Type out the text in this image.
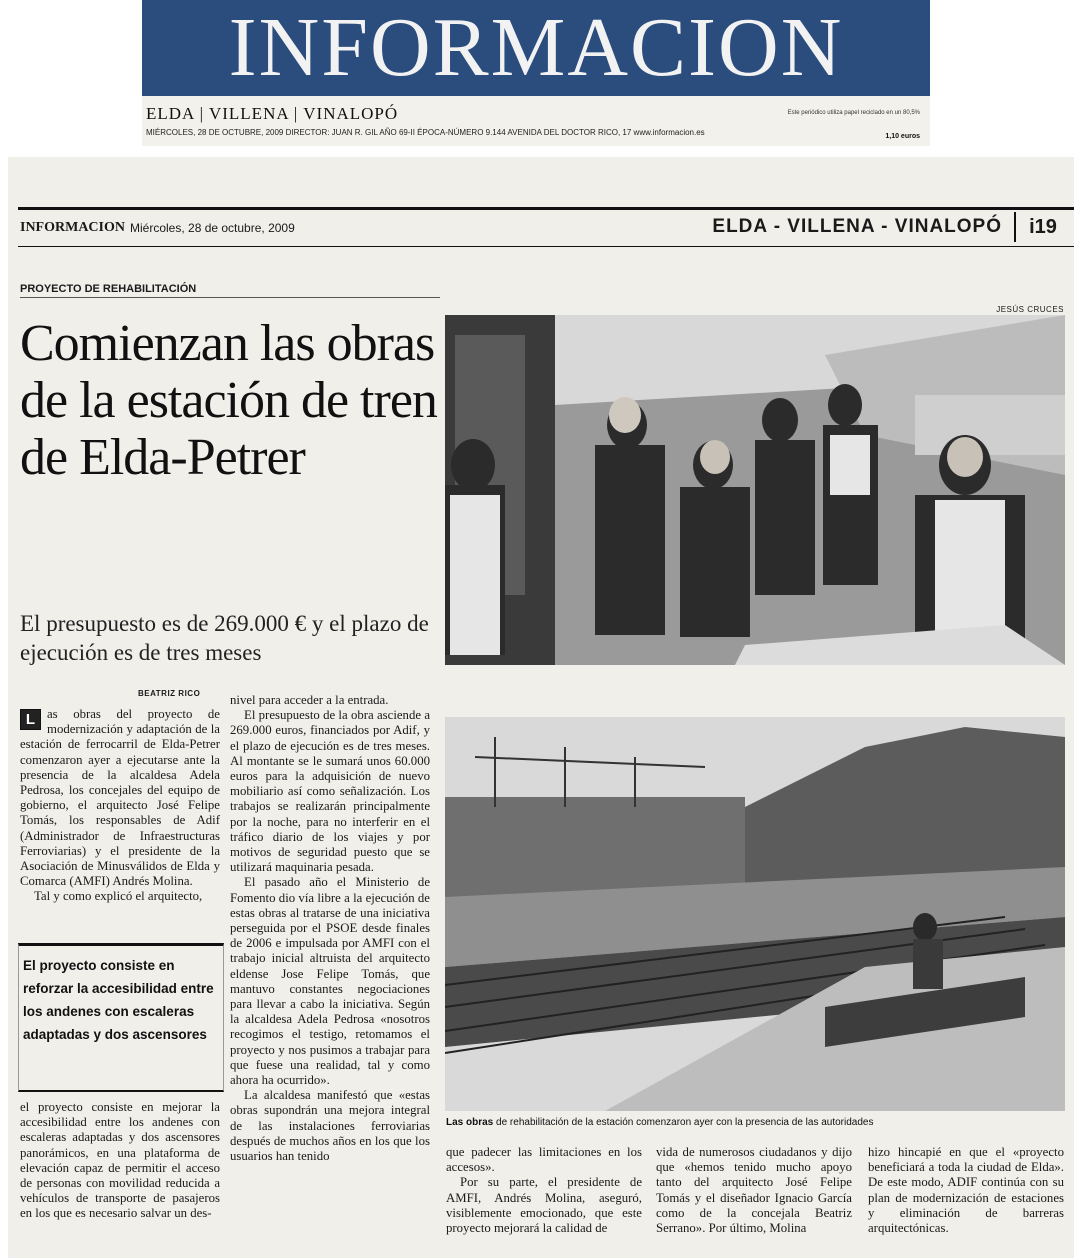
INFORMACION
ELDA | VILLENA | VINALOPÓ
MIÉRCOLES, 28 DE OCTUBRE, 2009 DIRECTOR: JUAN R. GIL AÑO 69-II ÉPOCA-NÚMERO 9.144 AVENIDA DEL DOCTOR RICO, 17 www.informacion.es
Este periódico utiliza papel reciclado en un 80,5%
1,10 euros
INFORMACION Miércoles, 28 de octubre, 2009	ELDA - VILLENA - VINALOPÓ	i19
PROYECTO DE REHABILITACIÓN
JESÚS CRUCES
Comienzan las obras de la estación de tren de Elda-Petrer
El presupuesto es de 269.000 € y el plazo de ejecución es de tres meses
Las obras de rehabilitación de la estación comenzaron ayer con la presencia de las autoridades
BEATRIZ RICO
L as obras del proyecto de modernización y adaptación de la estación de ferrocarril de Elda-Petrer comenzaron ayer a ejecutarse ante la presencia de la alcaldesa Adela Pedrosa, los concejales del equipo de gobierno, el arquitecto José Felipe Tomás, los responsables de Adif (Administrador de Infraestructuras Ferroviarias) y el presidente de la Asociación de Minusválidos de Elda y Comarca (AMFI) Andrés Molina.

Tal y como explicó el arquitecto,

El proyecto consiste en reforzar la accesibilidad entre los andenes con escaleras adaptadas y dos ascensores

el proyecto consiste en mejorar la accesibilidad entre los andenes con escaleras adaptadas y dos ascensores panorámicos, en una plataforma de elevación capaz de permitir el acceso de personas con movilidad reducida a vehículos de transporte de pasajeros en los que es necesario salvar un des-

nivel para acceder a la entrada.

El presupuesto de la obra asciende a 269.000 euros, financiados por Adif, y el plazo de ejecución es de tres meses. Al montante se le sumará unos 60.000 euros para la adquisición de nuevo mobiliario así como señalización. Los trabajos se realizarán principalmente por la noche, para no interferir en el tráfico diario de los viajes y por motivos de seguridad puesto que se utilizará maquinaria pesada.

El pasado año el Ministerio de Fomento dio vía libre a la ejecución de estas obras al tratarse de una iniciativa perseguida por el PSOE desde finales de 2006 e impulsada por AMFI con el trabajo inicial altruista del arquitecto eldense Jose Felipe Tomás, que mantuvo constantes negociaciones para llevar a cabo la iniciativa. Según la alcaldesa Adela Pedrosa «nosotros recogimos el testigo, retomamos el proyecto y nos pusimos a trabajar para que fuese una realidad, tal y como ahora ha ocurrido».

La alcaldesa manifestó que «estas obras supondrán una mejora integral de las instalaciones ferroviarias después de muchos años en los que los usuarios han tenido	que padecer las limitaciones en los accesos».

Por su parte, el presidente de AMFI, Andrés Molina, aseguró, visiblemente emocionado, que este proyecto mejorará la calidad de

vida de numerosos ciudadanos y dijo que «hemos tenido mucho apoyo tanto del arquitecto José Felipe Tomás y el diseñador Ignacio García como de la concejala Beatriz Serrano». Por último, Molina

hizo hincapié en que el «proyecto beneficiará a toda la ciudad de Elda». De este modo, ADIF continúa con su plan de modernización de estaciones y eliminación de barreras arquitectónicas.
